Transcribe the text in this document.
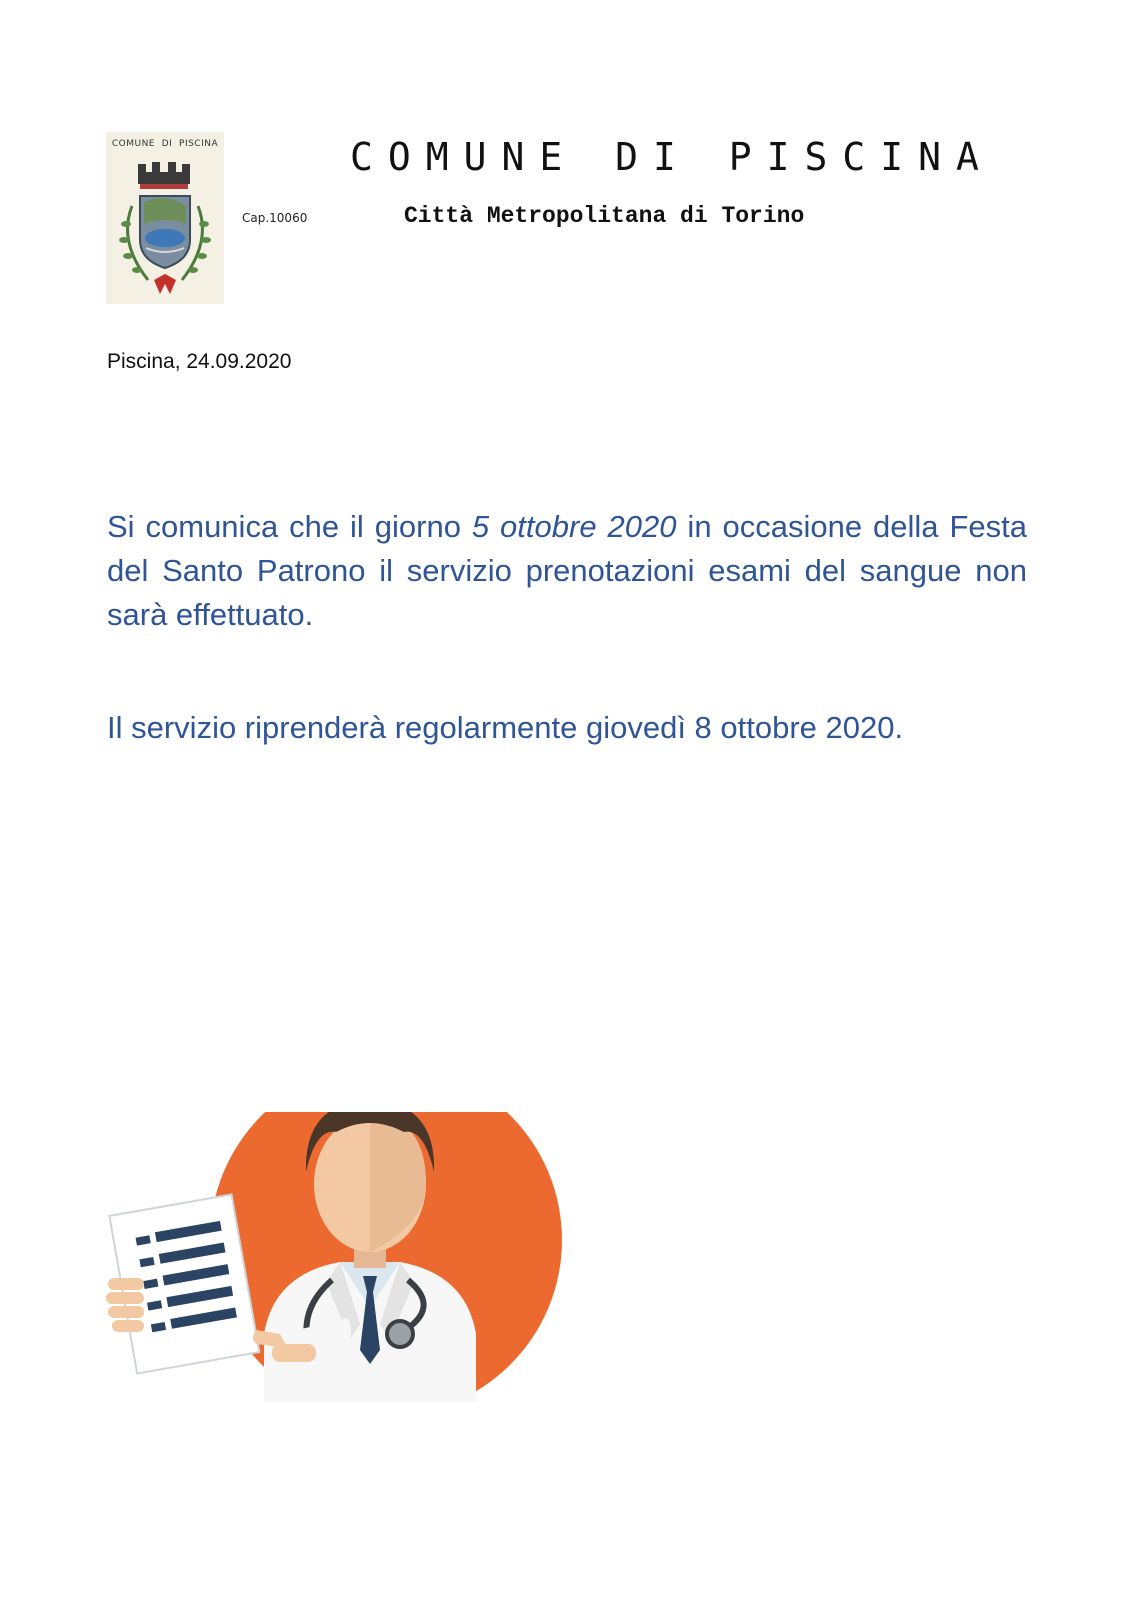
COMUNE  DI  PISCINA
Cap.10060
COMUNE DI PISCINA
Città Metropolitana di Torino
Piscina, 24.09.2020

Si comunica che il giorno 5 ottobre 2020 in occasione della Festa del Santo Patrono il servizio prenotazioni esami del sangue non sarà effettuato.

Il servizio riprenderà regolarmente giovedì 8 ottobre 2020.
